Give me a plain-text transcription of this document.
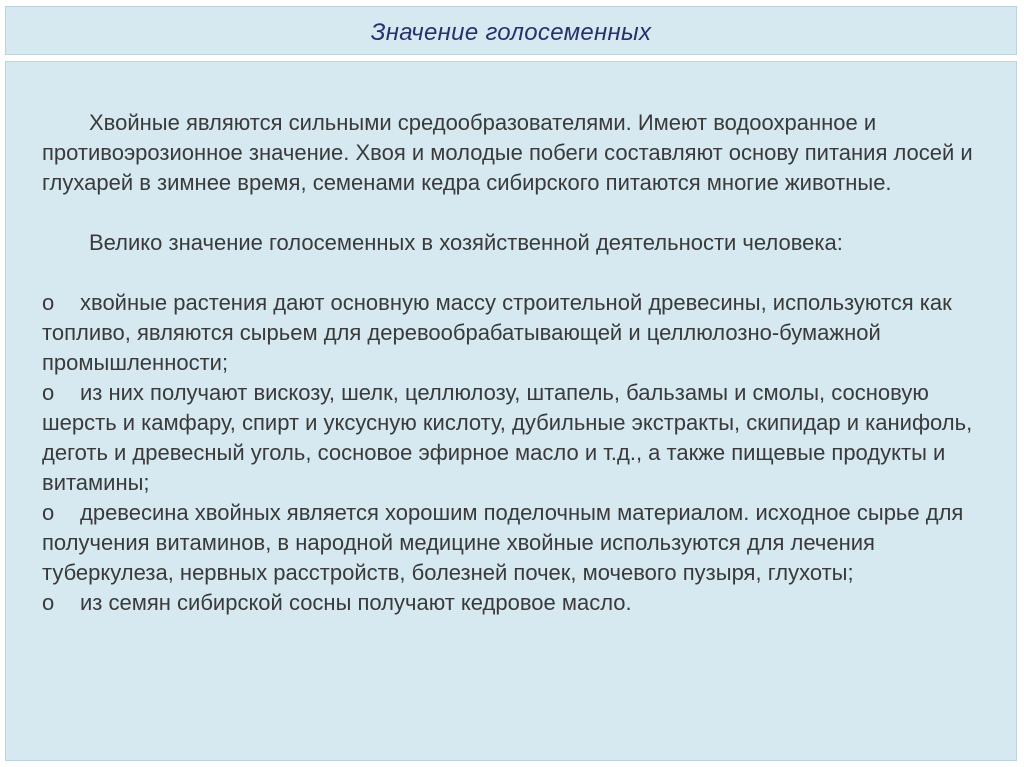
Значение голосеменных

Хвойные являются сильными средообразователями. Имеют водоохранное и противоэрозионное значение. Хвоя и молодые побеги составляют основу питания лосей и глухарей в зимнее время, семенами кедра сибирского питаются многие животные.

Велико значение голосеменных в хозяйственной деятельности человека:

o хвойные растения дают основную массу строительной древесины, используются как топливо, являются сырьем для деревообрабатывающей и целлюлозно-бумажной промышленности;

o из них получают вискозу, шелк, целлюлозу, штапель, бальзамы и смолы, сосновую шерсть и камфару, спирт и уксусную кислоту, дубильные экстракты, скипидар и канифоль, деготь и древесный уголь, сосновое эфирное масло и т.д., а также пищевые продукты и витамины;

o древесина хвойных является хорошим поделочным материалом. исходное сырье для получения витаминов, в народной медицине хвойные используются для лечения туберкулеза, нервных расстройств, болезней почек, мочевого пузыря, глухоты;

o из семян сибирской сосны получают кедровое масло.
